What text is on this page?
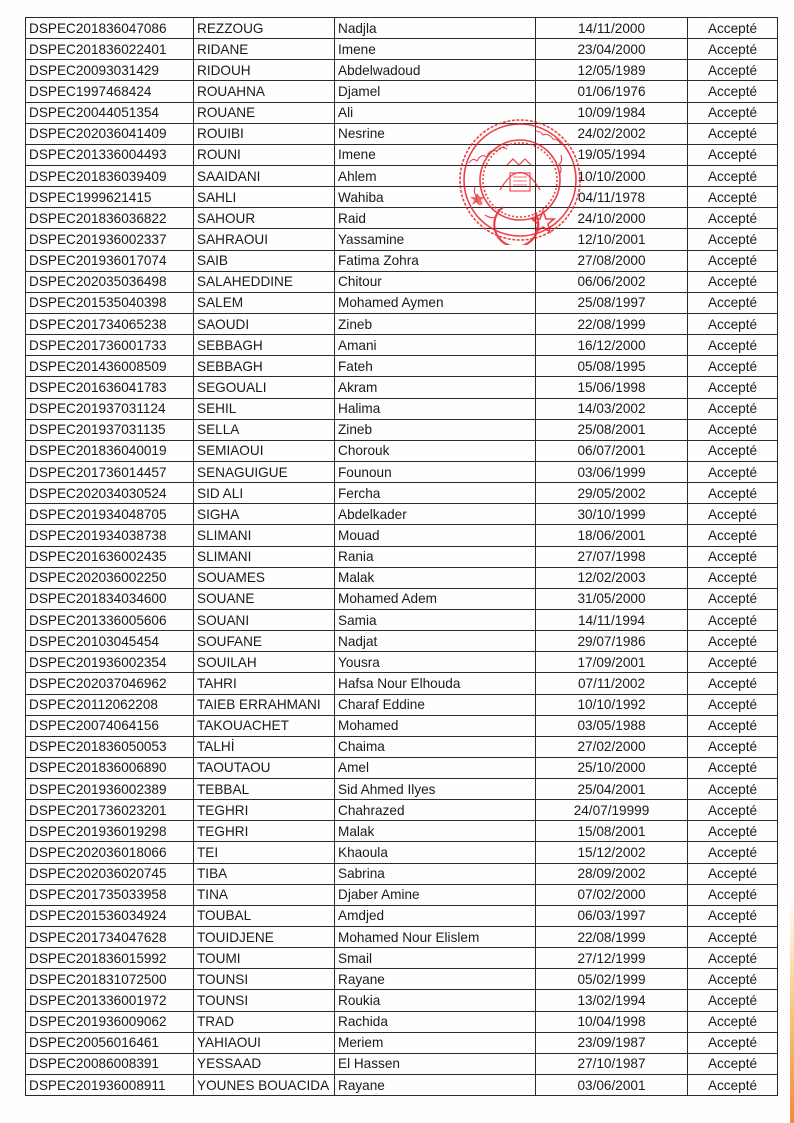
DSPEC201836047086	REZZOUG	Nadjla	14/11/2000	Accepté
DSPEC201836022401	RIDANE	Imene	23/04/2000	Accepté
DSPEC20093031429	RIDOUH	Abdelwadoud	12/05/1989	Accepté
DSPEC1997468424	ROUAHNA	Djamel	01/06/1976	Accepté
DSPEC20044051354	ROUANE	Ali	10/09/1984	Accepté
DSPEC202036041409	ROUIBI	Nesrine	24/02/2002	Accepté
DSPEC201336004493	ROUNI	Imene	19/05/1994	Accepté
DSPEC201836039409	SAAIDANI	Ahlem	10/10/2000	Accepté
DSPEC1999621415	SAHLI	Wahiba	04/11/1978	Accepté
DSPEC201836036822	SAHOUR	Raid	24/10/2000	Accepté
DSPEC201936002337	SAHRAOUI	Yassamine	12/10/2001	Accepté
DSPEC201936017074	SAIB	Fatima Zohra	27/08/2000	Accepté
DSPEC202035036498	SALAHEDDINE	Chitour	06/06/2002	Accepté
DSPEC201535040398	SALEM	Mohamed Aymen	25/08/1997	Accepté
DSPEC201734065238	SAOUDI	Zineb	22/08/1999	Accepté
DSPEC201736001733	SEBBAGH	Amani	16/12/2000	Accepté
DSPEC201436008509	SEBBAGH	Fateh	05/08/1995	Accepté
DSPEC201636041783	SEGOUALI	Akram	15/06/1998	Accepté
DSPEC201937031124	SEHIL	Halima	14/03/2002	Accepté
DSPEC201937031135	SELLA	Zineb	25/08/2001	Accepté
DSPEC201836040019	SEMIAOUI	Chorouk	06/07/2001	Accepté
DSPEC201736014457	SENAGUIGUE	Founoun	03/06/1999	Accepté
DSPEC202034030524	SID ALI	Fercha	29/05/2002	Accepté
DSPEC201934048705	SIGHA	Abdelkader	30/10/1999	Accepté
DSPEC201934038738	SLIMANI	Mouad	18/06/2001	Accepté
DSPEC201636002435	SLIMANI	Rania	27/07/1998	Accepté
DSPEC202036002250	SOUAMES	Malak	12/02/2003	Accepté
DSPEC201834034600	SOUANE	Mohamed Adem	31/05/2000	Accepté
DSPEC201336005606	SOUANI	Samia	14/11/1994	Accepté
DSPEC20103045454	SOUFANE	Nadjat	29/07/1986	Accepté
DSPEC201936002354	SOUILAH	Yousra	17/09/2001	Accepté
DSPEC202037046962	TAHRI	Hafsa Nour Elhouda	07/11/2002	Accepté
DSPEC20112062208	TAIEB ERRAHMANI	Charaf Eddine	10/10/1992	Accepté
DSPEC20074064156	TAKOUACHET	Mohamed	03/05/1988	Accepté
DSPEC201836050053	TALHİ	Chaima	27/02/2000	Accepté
DSPEC201836006890	TAOUTAOU	Amel	25/10/2000	Accepté
DSPEC201936002389	TEBBAL	Sid Ahmed Ilyes	25/04/2001	Accepté
DSPEC201736023201	TEGHRI	Chahrazed	24/07/19999	Accepté
DSPEC201936019298	TEGHRI	Malak	15/08/2001	Accepté
DSPEC202036018066	TEI	Khaoula	15/12/2002	Accepté
DSPEC202036020745	TIBA	Sabrina	28/09/2002	Accepté
DSPEC201735033958	TINA	Djaber Amine	07/02/2000	Accepté
DSPEC201536034924	TOUBAL	Amdjed	06/03/1997	Accepté
DSPEC201734047628	TOUIDJENE	Mohamed Nour Elislem	22/08/1999	Accepté
DSPEC201836015992	TOUMI	Smail	27/12/1999	Accepté
DSPEC201831072500	TOUNSI	Rayane	05/02/1999	Accepté
DSPEC201336001972	TOUNSI	Roukia	13/02/1994	Accepté
DSPEC201936009062	TRAD	Rachida	10/04/1998	Accepté
DSPEC20056016461	YAHIAOUI	Meriem	23/09/1987	Accepté
DSPEC20086008391	YESSAAD	El Hassen	27/10/1987	Accepté
DSPEC201936008911	YOUNES BOUACIDA	Rayane	03/06/2001	Accepté
